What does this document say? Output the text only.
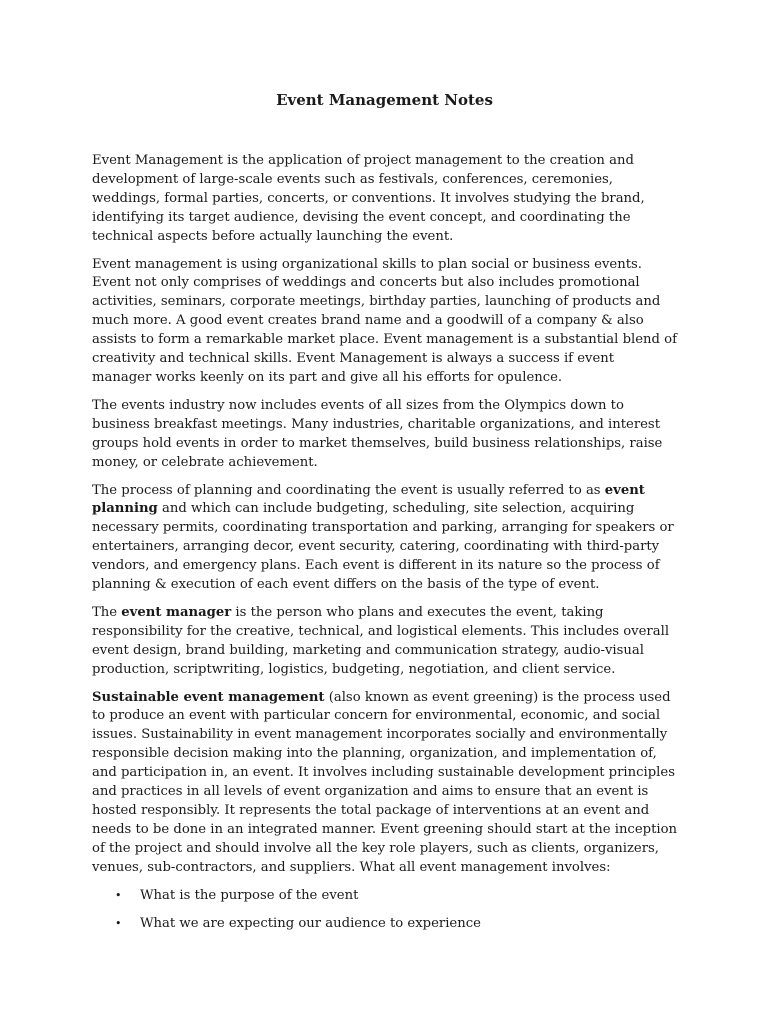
Event Management Notes

Event Management is the application of project management to the creation and development of large-scale events such as festivals, conferences, ceremonies, weddings, formal parties, concerts, or conventions. It involves studying the brand, identifying its target audience, devising the event concept, and coordinating the technical aspects before actually launching the event.

Event management is using organizational skills to plan social or business events. Event not only comprises of weddings and concerts but also includes promotional activities, seminars, corporate meetings, birthday parties, launching of products and much more. A good event creates brand name and a goodwill of a company & also assists to form a remarkable market place. Event management is a substantial blend of creativity and technical skills. Event Management is always a success if event manager works keenly on its part and give all his efforts for opulence.

The events industry now includes events of all sizes from the Olympics down to business breakfast meetings. Many industries, charitable organizations, and interest groups hold events in order to market themselves, build business relationships, raise money, or celebrate achievement.

The process of planning and coordinating the event is usually referred to as event planning and which can include budgeting, scheduling, site selection, acquiring necessary permits, coordinating transportation and parking, arranging for speakers or entertainers, arranging decor, event security, catering, coordinating with third-party vendors, and emergency plans. Each event is different in its nature so the process of planning & execution of each event differs on the basis of the type of event.

The event manager is the person who plans and executes the event, taking responsibility for the creative, technical, and logistical elements. This includes overall event design, brand building, marketing and communication strategy, audio-visual production, scriptwriting, logistics, budgeting, negotiation, and client service.

Sustainable event management (also known as event greening) is the process used to produce an event with particular concern for environmental, economic, and social issues. Sustainability in event management incorporates socially and environmentally responsible decision making into the planning, organization, and implementation of, and participation in, an event. It involves including sustainable development principles and practices in all levels of event organization and aims to ensure that an event is hosted responsibly. It represents the total package of interventions at an event and needs to be done in an integrated manner. Event greening should start at the inception of the project and should involve all the key role players, such as clients, organizers, venues, sub-contractors, and suppliers. What all event management involves:

• What is the purpose of the event
• What we are expecting our audience to experience
